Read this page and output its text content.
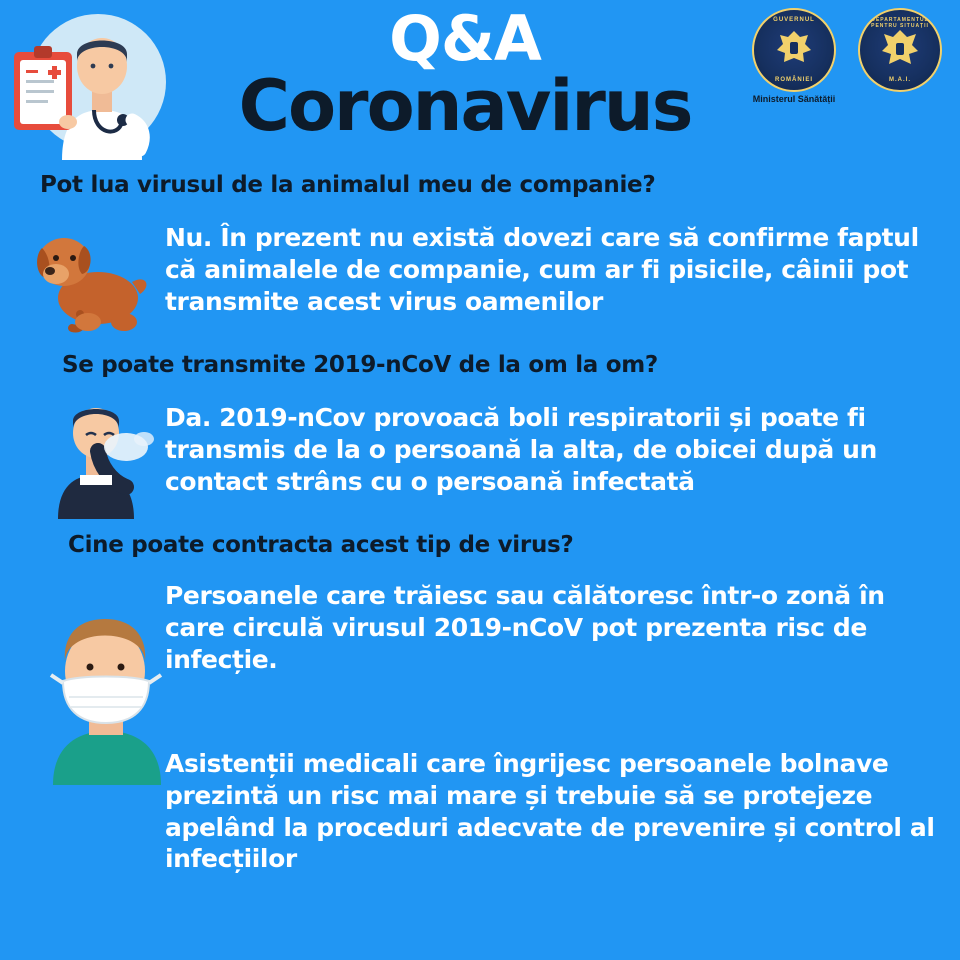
Q&A
Coronavirus
GUVERNUL
ROMÂNIEI
Ministerul Sănătății
DEPARTAMENTUL PENTRU SITUAȚII
M.A.I.
Pot lua virusul de la animalul meu de companie?
Nu. În prezent nu există dovezi care să confirme faptul că animalele de companie, cum ar fi pisicile, câinii pot transmite acest virus oamenilor
Se poate transmite 2019-nCoV de la om la om?
Da. 2019-nCov provoacă boli respiratorii și poate fi transmis de la o persoană la alta, de obicei după un contact strâns cu o persoană infectată
Cine poate contracta acest tip de virus?
Persoanele care trăiesc sau călătoresc într-o zonă în care circulă virusul 2019-nCoV pot prezenta risc de infecție.
Asistenții medicali care îngrijesc persoanele bolnave prezintă un risc mai mare și trebuie să se protejeze apelând la proceduri adecvate de prevenire și control al infecțiilor
